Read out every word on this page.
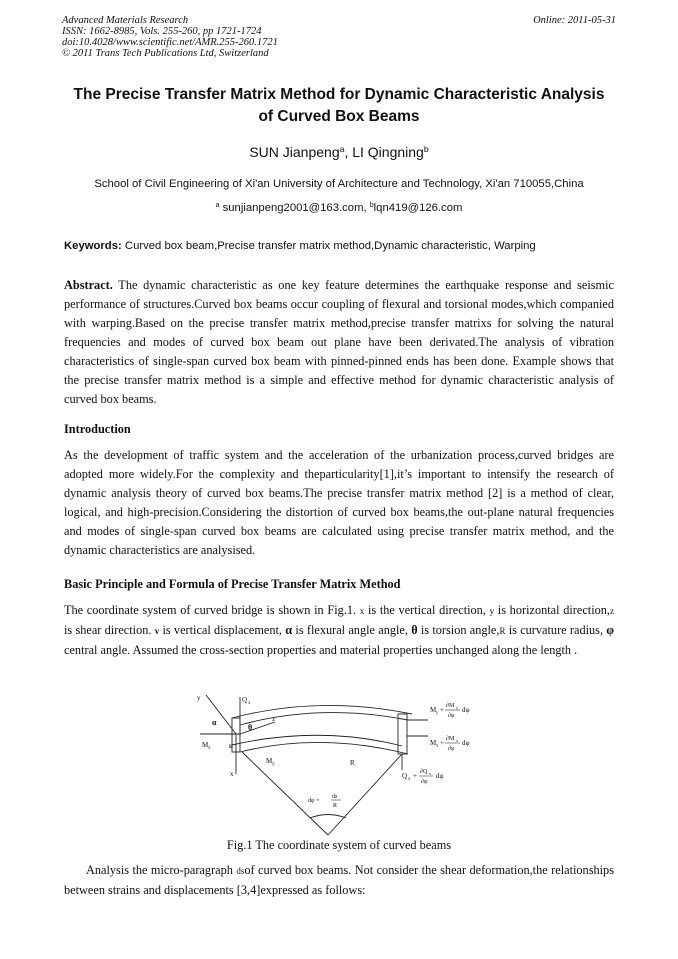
Advanced Materials Research
ISSN: 1662-8985, Vols. 255-260, pp 1721-1724
doi:10.4028/www.scientific.net/AMR.255-260.1721
© 2011 Trans Tech Publications Ltd, Switzerland
Online: 2011-05-31
The Precise Transfer Matrix Method for Dynamic Characteristic Analysis
of Curved Box Beams
SUN Jianpeng$^a$, LI Qingning$^b$
School of Civil Engineering of Xi'an University of Architecture and Technology, Xi'an 710055,China
$^a$ sunjianpeng2001@163.com, $^b$lqn419@126.com
Keywords: Curved box beam,Precise transfer matrix method,Dynamic characteristic, Warping
Abstract. The dynamic characteristic as one key feature determines the earthquake response and seismic performance of structures.Curved box beams occur coupling of flexural and torsional modes,which companied with warping.Based on the precise transfer matrix method,precise transfer matrixs for solving the natural frequencies and modes of curved box beam out plane have been derivated.The analysis of vibration characteristics of single-span curved box beam with pinned-pinned ends has been done. Example shows that the precise transfer matrix method is a simple and effective method for dynamic characteristic analysis of curved box beams.
Introduction
As the development of traffic system and the acceleration of the urbanization process,curved bridges are adopted more widely.For the complexity and theparticularity[1],it’s important to intensify the research of dynamic analysis theory of curved box beams.The precise transfer matrix method [2] is a method of clear, logical, and high-precision.Considering the distortion of curved box beams,the out-plane natural frequencies and modes of single-span curved box beams are calculated using precise transfer matrix method, and the dynamic characteristics are analysised.
Basic Principle and Formula of Precise Transfer Matrix Method
The coordinate system of curved bridge is shown in Fig.1. x is the vertical direction, y is horizontal direction,z is shear direction. v is vertical displacement, α is flexural angle angle, θ is torsion angle,R is curvature radius, φ central angle. Assumed the cross-section properties and material properties unchanged along the length .
y	Q x
α
θ
z
M x	u
M y
x
R
dφ =
ds
R
M y + ∂M y
∂φ
dφ
M x + ∂M x
∂φ
dφ
Q x + ∂Q x
∂φ
dφ
Fig.1 The coordinate system of curved beams
Analysis the micro-paragraph dsof curved box beams. Not consider the shear deformation,the relationships between strains and displacements [3,4]expressed as follows:
